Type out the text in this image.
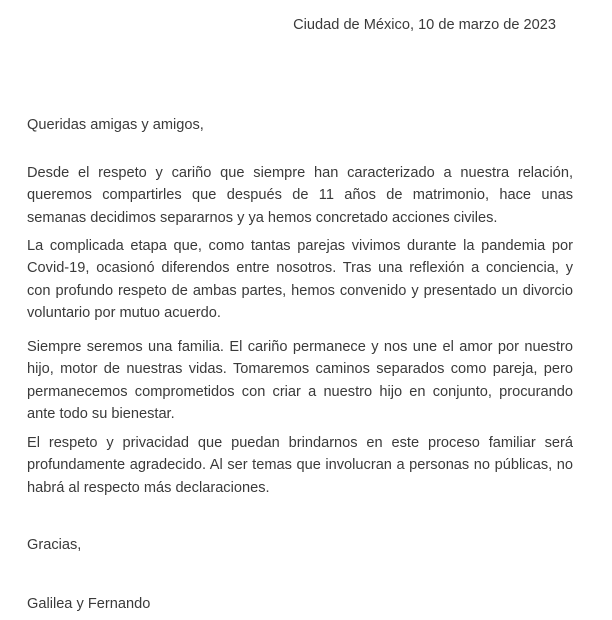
Ciudad de México, 10 de marzo de 2023

Queridas amigas y amigos,

Desde el respeto y cariño que siempre han caracterizado a nuestra relación, queremos compartirles que después de 11 años de matrimonio, hace unas semanas decidimos separarnos y ya hemos concretado acciones civiles.

La complicada etapa que, como tantas parejas vivimos durante la pandemia por Covid-19, ocasionó diferendos entre nosotros. Tras una reflexión a conciencia, y con profundo respeto de ambas partes, hemos convenido y presentado un divorcio voluntario por mutuo acuerdo.

Siempre seremos una familia. El cariño permanece y nos une el amor por nuestro hijo, motor de nuestras vidas. Tomaremos caminos separados como pareja, pero permanecemos comprometidos con criar a nuestro hijo en conjunto, procurando ante todo su bienestar.

El respeto y privacidad que puedan brindarnos en este proceso familiar será profundamente agradecido. Al ser temas que involucran a personas no públicas, no habrá al respecto más declaraciones.

Gracias,

Galilea y Fernando
